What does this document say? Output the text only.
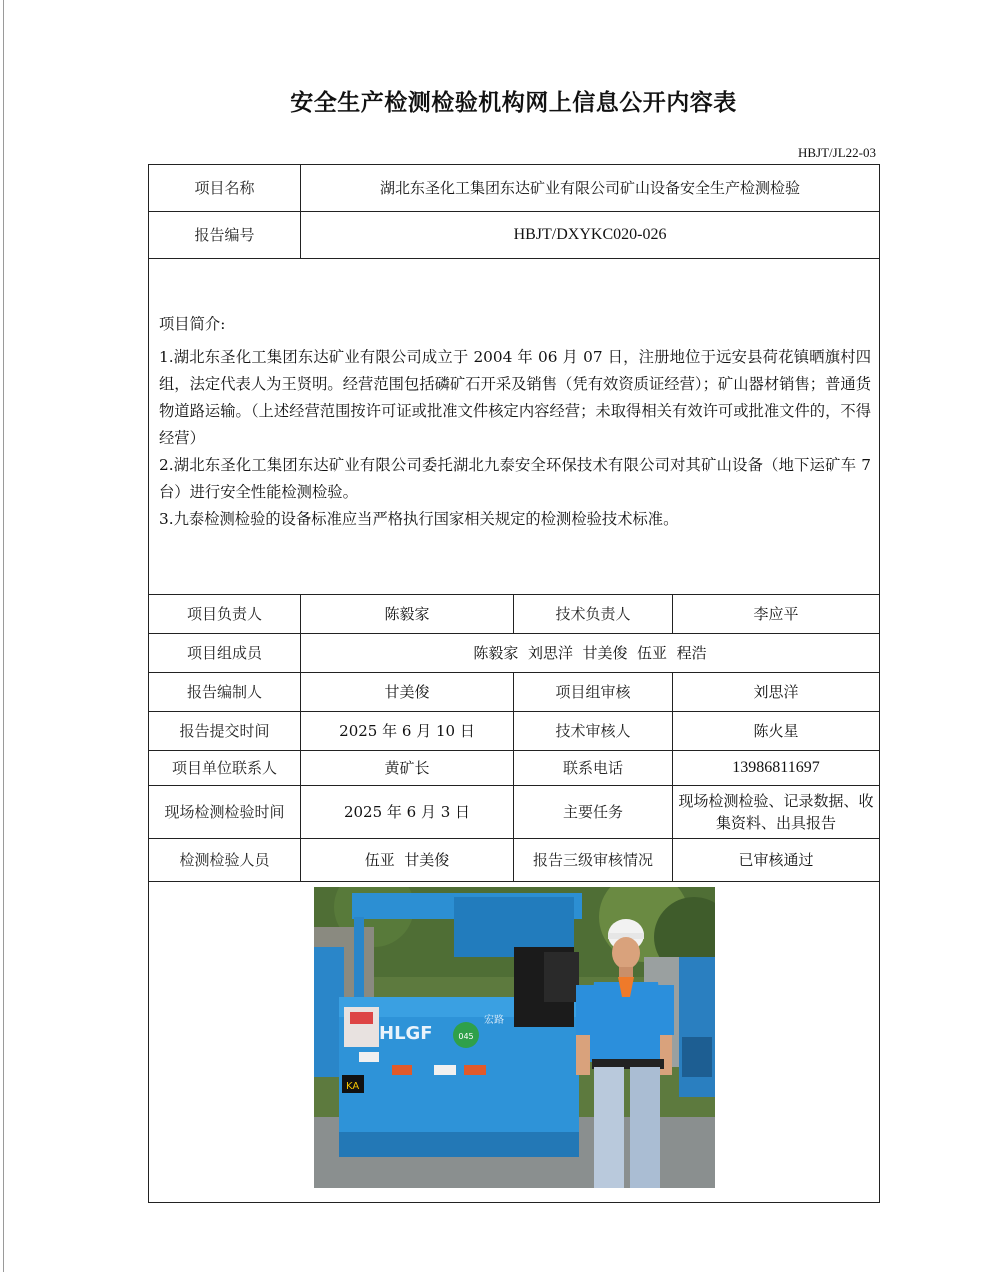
安全生产检测检验机构网上信息公开内容表
HBJT/JL22-03
项目名称	湖北东圣化工集团东达矿业有限公司矿山设备安全生产检测检验		
报告编号	HBJT/DXYKC020-026		

项目简介:
1.湖北东圣化工集团东达矿业有限公司成立于 2004 年 06 月 07 日，注册地位于远安县荷花镇晒旗村四组，法定代表人为王贤明。经营范围包括磷矿石开采及销售（凭有效资质证经营）；矿山器材销售；普通货物道路运输。（上述经营范围按许可证或批准文件核定内容经营；未取得相关有效许可或批准文件的，不得经营）
2.湖北东圣化工集团东达矿业有限公司委托湖北九泰安全环保技术有限公司对其矿山设备（地下运矿车 7 台）进行安全性能检测检验。
3.九泰检测检验的设备标准应当严格执行国家相关规定的检测检验技术标准。			

项目负责人	陈毅家	技术负责人	李应平
项目组成员	陈毅家  刘思洋  甘美俊  伍亚  程浩		
报告编制人	甘美俊	项目组审核	刘思洋
报告提交时间	2025 年 6 月 10 日	技术审核人	陈火星
项目单位联系人	黄矿长	联系电话	13986811697
现场检测检验时间	2025 年 6 月 3 日	主要任务	现场检测检验、记录数据、收集资料、出具报告
检测检验人员	伍亚  甘美俊	报告三级审核情况	已审核通过

045
HLGF
宏路
KA			
